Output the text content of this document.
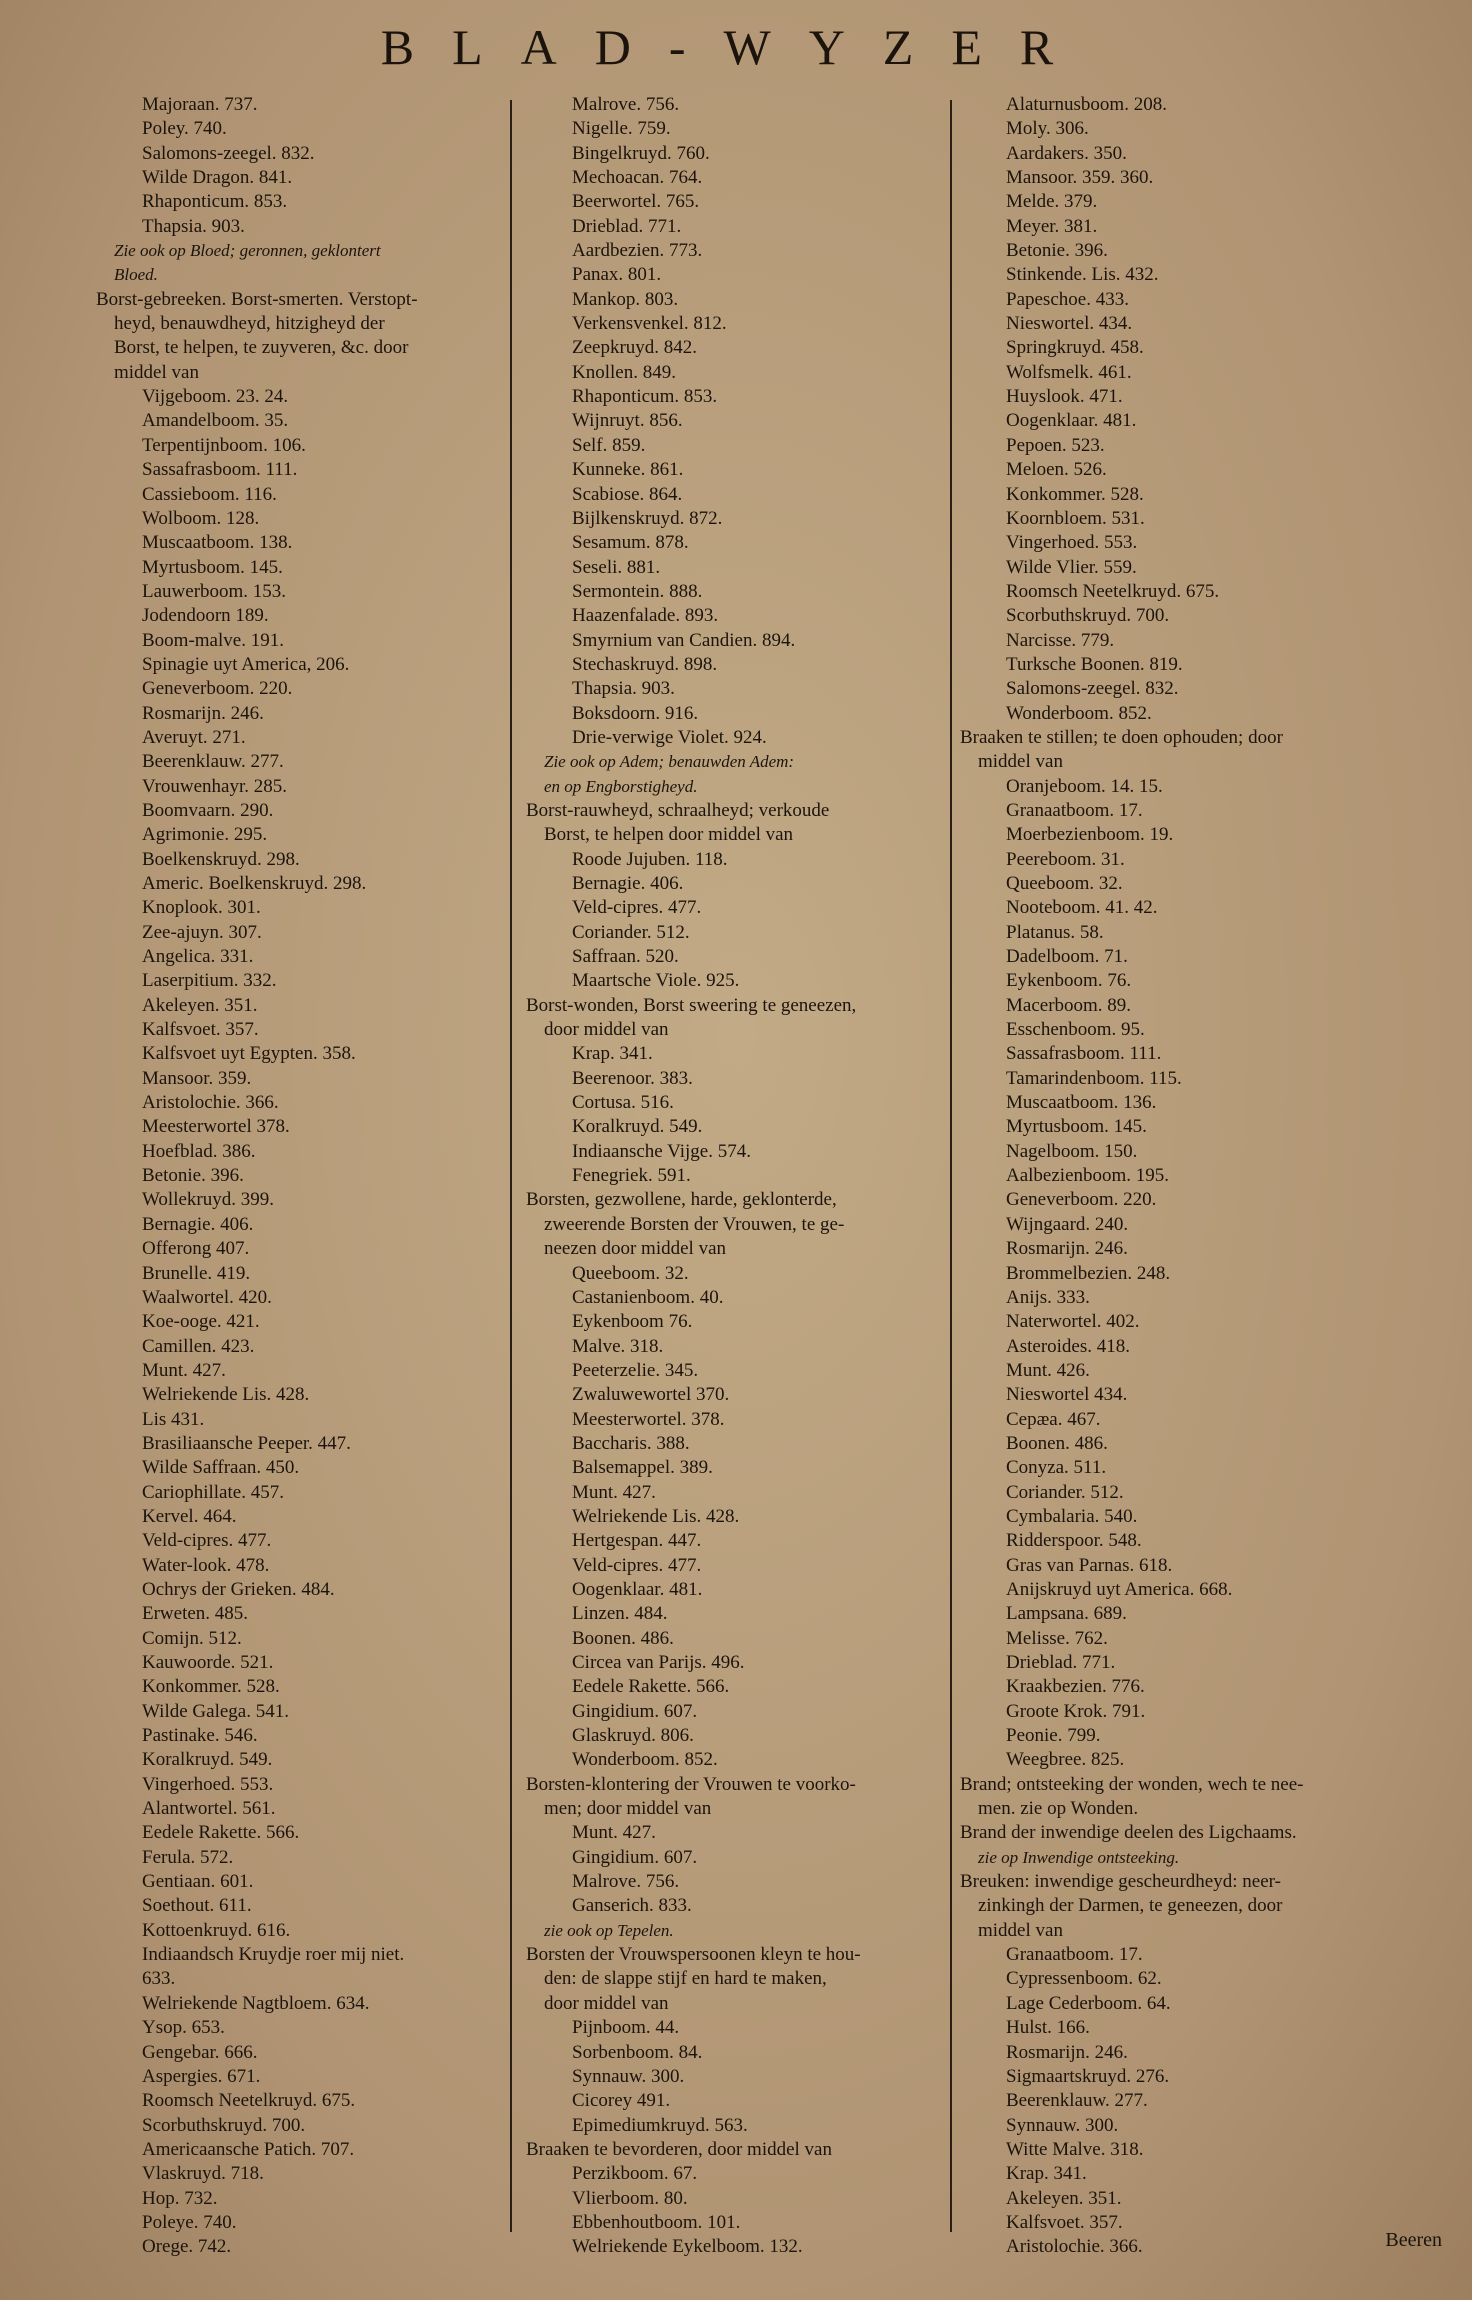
BLAD-WYZER
Majoraan. 737.
Poley. 740.
Salomons-zeegel. 832.
Wilde Dragon. 841.
Rhaponticum. 853.
Thapsia. 903.
Zie ook op Bloed; geronnen, geklontert
Bloed.
Borst-gebreeken. Borst-smerten. Verstopt-
heyd, benauwdheyd, hitzigheyd der
Borst, te helpen, te zuyveren, &c. door
middel van
Vijgeboom. 23. 24.
Amandelboom. 35.
Terpentijnboom. 106.
Sassafrasboom. 111.
Cassieboom. 116.
Wolboom. 128.
Muscaatboom. 138.
Myrtusboom. 145.
Lauwerboom. 153.
Jodendoorn 189.
Boom-malve. 191.
Spinagie uyt America, 206.
Geneverboom. 220.
Rosmarijn. 246.
Averuyt. 271.
Beerenklauw. 277.
Vrouwenhayr. 285.
Boomvaarn. 290.
Agrimonie. 295.
Boelkenskruyd. 298.
Americ. Boelkenskruyd. 298.
Knoplook. 301.
Zee-ajuyn. 307.
Angelica. 331.
Laserpitium. 332.
Akeleyen. 351.
Kalfsvoet. 357.
Kalfsvoet uyt Egypten. 358.
Mansoor. 359.
Aristolochie. 366.
Meesterwortel 378.
Hoefblad. 386.
Betonie. 396.
Wollekruyd. 399.
Bernagie. 406.
Offerong 407.
Brunelle. 419.
Waalwortel. 420.
Koe-ooge. 421.
Camillen. 423.
Munt. 427.
Welriekende Lis. 428.
Lis 431.
Brasiliaansche Peeper. 447.
Wilde Saffraan. 450.
Cariophillate. 457.
Kervel. 464.
Veld-cipres. 477.
Water-look. 478.
Ochrys der Grieken. 484.
Erweten. 485.
Comijn. 512.
Kauwoorde. 521.
Konkommer. 528.
Wilde Galega. 541.
Pastinake. 546.
Koralkruyd. 549.
Vingerhoed. 553.
Alantwortel. 561.
Eedele Rakette. 566.
Ferula. 572.
Gentiaan. 601.
Soethout. 611.
Kottoenkruyd. 616.
Indiaandsch Kruydje roer mij niet.
633.
Welriekende Nagtbloem. 634.
Ysop. 653.
Gengebar. 666.
Aspergies. 671.
Roomsch Neetelkruyd. 675.
Scorbuthskruyd. 700.
Americaansche Patich. 707.
Vlaskruyd. 718.
Hop. 732.
Poleye. 740.
Orege. 742.
Malrove. 756.
Nigelle. 759.
Bingelkruyd. 760.
Mechoacan. 764.
Beerwortel. 765.
Drieblad. 771.
Aardbezien. 773.
Panax. 801.
Mankop. 803.
Verkensvenkel. 812.
Zeepkruyd. 842.
Knollen. 849.
Rhaponticum. 853.
Wijnruyt. 856.
Self. 859.
Kunneke. 861.
Scabiose. 864.
Bijlkenskruyd. 872.
Sesamum. 878.
Seseli. 881.
Sermontein. 888.
Haazenfalade. 893.
Smyrnium van Candien. 894.
Stechaskruyd. 898.
Thapsia. 903.
Boksdoorn. 916.
Drie-verwige Violet. 924.
Zie ook op Adem; benauwden Adem:
en op Engborstigheyd.
Borst-rauwheyd, schraalheyd; verkoude
Borst, te helpen door middel van
Roode Jujuben. 118.
Bernagie. 406.
Veld-cipres. 477.
Coriander. 512.
Saffraan. 520.
Maartsche Viole. 925.
Borst-wonden, Borst sweering te geneezen,
door middel van
Krap. 341.
Beerenoor. 383.
Cortusa. 516.
Koralkruyd. 549.
Indiaansche Vijge. 574.
Fenegriek. 591.
Borsten, gezwollene, harde, geklonterde,
zweerende Borsten der Vrouwen, te ge-
neezen door middel van
Queeboom. 32.
Castanienboom. 40.
Eykenboom 76.
Malve. 318.
Peeterzelie. 345.
Zwaluwewortel 370.
Meesterwortel. 378.
Baccharis. 388.
Balsemappel. 389.
Munt. 427.
Welriekende Lis. 428.
Hertgespan. 447.
Veld-cipres. 477.
Oogenklaar. 481.
Linzen. 484.
Boonen. 486.
Circea van Parijs. 496.
Eedele Rakette. 566.
Gingidium. 607.
Glaskruyd. 806.
Wonderboom. 852.
Borsten-klontering der Vrouwen te voorko-
men; door middel van
Munt. 427.
Gingidium. 607.
Malrove. 756.
Ganserich. 833.
zie ook op Tepelen.
Borsten der Vrouwspersoonen kleyn te hou-
den: de slappe stijf en hard te maken,
door middel van
Pijnboom. 44.
Sorbenboom. 84.
Synnauw. 300.
Cicorey 491.
Epimediumkruyd. 563.
Braaken te bevorderen, door middel van
Perzikboom. 67.
Vlierboom. 80.
Ebbenhoutboom. 101.
Welriekende Eykelboom. 132.
Alaturnusboom. 208.
Moly. 306.
Aardakers. 350.
Mansoor. 359. 360.
Melde. 379.
Meyer. 381.
Betonie. 396.
Stinkende. Lis. 432.
Papeschoe. 433.
Nieswortel. 434.
Springkruyd. 458.
Wolfsmelk. 461.
Huyslook. 471.
Oogenklaar. 481.
Pepoen. 523.
Meloen. 526.
Konkommer. 528.
Koornbloem. 531.
Vingerhoed. 553.
Wilde Vlier. 559.
Roomsch Neetelkruyd. 675.
Scorbuthskruyd. 700.
Narcisse. 779.
Turksche Boonen. 819.
Salomons-zeegel. 832.
Wonderboom. 852.
Braaken te stillen; te doen ophouden; door
middel van
Oranjeboom. 14. 15.
Granaatboom. 17.
Moerbezienboom. 19.
Peereboom. 31.
Queeboom. 32.
Nooteboom. 41. 42.
Platanus. 58.
Dadelboom. 71.
Eykenboom. 76.
Macerboom. 89.
Esschenboom. 95.
Sassafrasboom. 111.
Tamarindenboom. 115.
Muscaatboom. 136.
Myrtusboom. 145.
Nagelboom. 150.
Aalbezienboom. 195.
Geneverboom. 220.
Wijngaard. 240.
Rosmarijn. 246.
Brommelbezien. 248.
Anijs. 333.
Naterwortel. 402.
Asteroides. 418.
Munt. 426.
Nieswortel 434.
Cepæa. 467.
Boonen. 486.
Conyza. 511.
Coriander. 512.
Cymbalaria. 540.
Ridderspoor. 548.
Gras van Parnas. 618.
Anijskruyd uyt America. 668.
Lampsana. 689.
Melisse. 762.
Drieblad. 771.
Kraakbezien. 776.
Groote Krok. 791.
Peonie. 799.
Weegbree. 825.
Brand; ontsteeking der wonden, wech te nee-
men. zie op Wonden.
Brand der inwendige deelen des Ligchaams.
zie op Inwendige ontsteeking.
Breuken: inwendige gescheurdheyd: neer-
zinkingh der Darmen, te geneezen, door
middel van
Granaatboom. 17.
Cypressenboom. 62.
Lage Cederboom. 64.
Hulst. 166.
Rosmarijn. 246.
Sigmaartskruyd. 276.
Beerenklauw. 277.
Synnauw. 300.
Witte Malve. 318.
Krap. 341.
Akeleyen. 351.
Kalfsvoet. 357.
Aristolochie. 366.	Beeren
